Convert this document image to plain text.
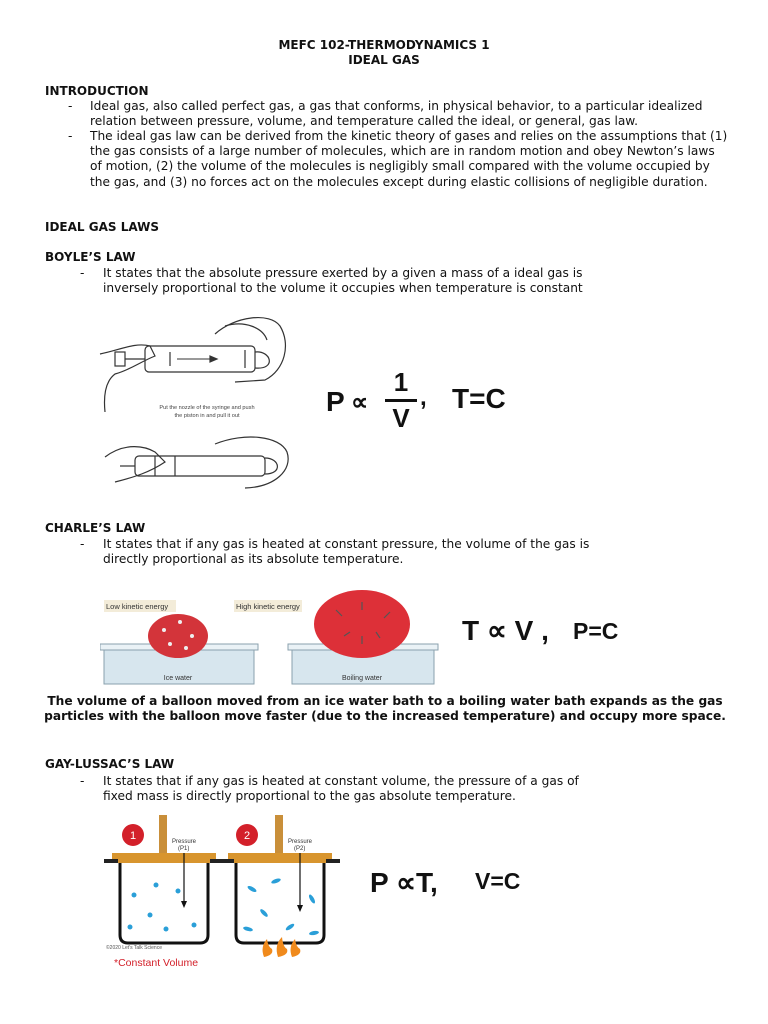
MEFC 102-THERMODYNAMICS 1
IDEAL GAS
INTRODUCTION
-	Ideal gas, also called perfect gas, a gas that conforms, in physical behavior, to a particular idealized relation between pressure, volume, and temperature called the ideal, or general, gas law.
-	The ideal gas law can be derived from the kinetic theory of gases and relies on the assumptions that (1) the gas consists of a large number of molecules, which are in random motion and obey Newton’s laws of motion, (2) the volume of the molecules is negligibly small compared with the volume occupied by the gas, and (3) no forces act on the molecules except during elastic collisions of negligible duration.
IDEAL GAS LAWS
BOYLE’S LAW
-	It states that the absolute pressure exerted by a given a mass of a ideal gas is inversely proportional to the volume it occupies when temperature is constant
Put the nozzle of the syringe and push
the piston in and pull it out	P ∝
1
V
, T=C
CHARLE’S LAW
-	It states that if any gas is heated at constant pressure, the volume of the gas is directly proportional as its absolute temperature.
Low kinetic energy
Ice water
High kinetic energy
Boiling water
T ∝ V , P=C
The volume of a balloon moved from an ice water bath to a boiling water bath expands as the gas particles with the balloon move faster (due to the increased temperature) and occupy more space.
GAY-LUSSAC’S LAW
-	It states that if any gas is heated at constant volume, the pressure of a gas of fixed mass is directly proportional to the gas absolute temperature.
1	Pressure
(P1)
2	Pressure
(P2)
©2020 Let's Talk Science
*Constant Volume
P ∝T, V=C
